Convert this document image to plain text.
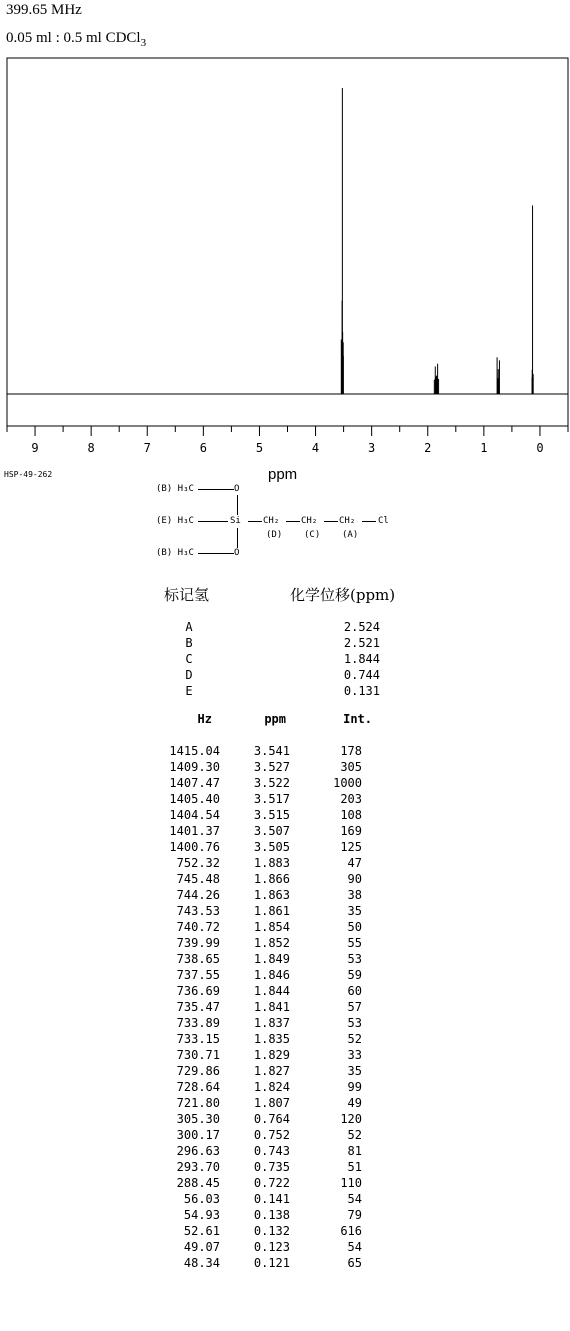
399.65 MHz
0.05 ml : 0.5 ml CDCl$_3$
9	8	7	6	5	4	3	2	1	0
ppm
HSP-49-262
(B) H₃C	O
(E) H₃C	Si CH₂ CH₂ CH₂	Cl
(D) (C) (A)
(B) H₃C	O
标记氢	化学位移(ppm)
A	2.524
B	2.521
C	1.844
D	0.744
E	0.131
Hz	ppm	Int.
1415.04	3.541	178
1409.30	3.527	305
1407.47	3.522	1000
1405.40	3.517	203
1404.54	3.515	108
1401.37	3.507	169
1400.76	3.505	125
752.32	1.883	47
745.48	1.866	90
744.26	1.863	38
743.53	1.861	35
740.72	1.854	50
739.99	1.852	55
738.65	1.849	53
737.55	1.846	59
736.69	1.844	60
735.47	1.841	57
733.89	1.837	53
733.15	1.835	52
730.71	1.829	33
729.86	1.827	35
728.64	1.824	99
721.80	1.807	49
305.30	0.764	120
300.17	0.752	52
296.63	0.743	81
293.70	0.735	51
288.45	0.722	110
56.03	0.141	54
54.93	0.138	79
52.61	0.132	616
49.07	0.123	54
48.34	0.121	65
